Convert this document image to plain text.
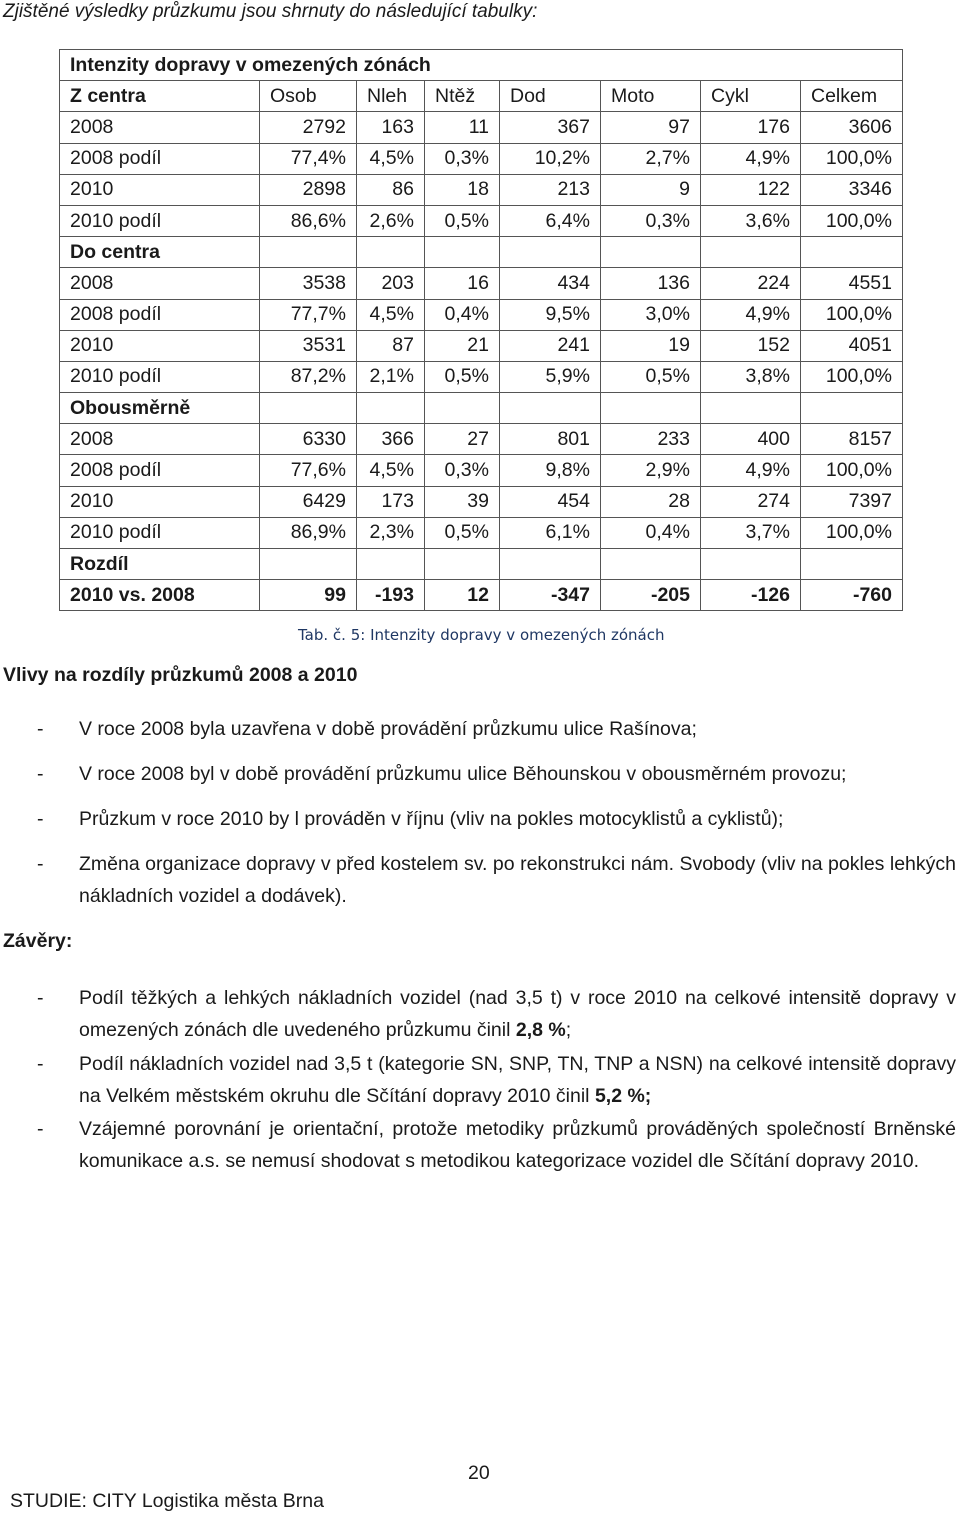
Zjištěné výsledky průzkumu jsou shrnuty do následující tabulky:
Intenzity dopravy v omezených zónách							
Z centra	Osob	Nleh	Ntěž	Dod	Moto	Cykl	Celkem
2008	2792	163	11	367	97	176	3606
2008 podíl	77,4%	4,5%	0,3%	10,2%	2,7%	4,9%	100,0%
2010	2898	86	18	213	9	122	3346
2010 podíl	86,6%	2,6%	0,5%	6,4%	0,3%	3,6%	100,0%
Do centra							
2008	3538	203	16	434	136	224	4551
2008 podíl	77,7%	4,5%	0,4%	9,5%	3,0%	4,9%	100,0%
2010	3531	87	21	241	19	152	4051
2010 podíl	87,2%	2,1%	0,5%	5,9%	0,5%	3,8%	100,0%
Obousměrně							
2008	6330	366	27	801	233	400	8157
2008 podíl	77,6%	4,5%	0,3%	9,8%	2,9%	4,9%	100,0%
2010	6429	173	39	454	28	274	7397
2010 podíl	86,9%	2,3%	0,5%	6,1%	0,4%	3,7%	100,0%
Rozdíl							
2010 vs. 2008	99	-193	12	-347	-205	-126	-760
Tab. č. 5: Intenzity dopravy v omezených zónách
Vlivy na rozdíly průzkumů 2008 a 2010
- V roce 2008 byla uzavřena v době provádění průzkumu ulice Rašínova;
- V roce 2008 byl v době provádění průzkumu ulice Běhounskou v obousměrném provozu;
- Průzkum v roce 2010 by l prováděn v říjnu (vliv na pokles motocyklistů a cyklistů);
- Změna organizace dopravy v před kostelem sv. po rekonstrukci nám. Svobody (vliv na pokles lehkých nákladních vozidel a dodávek).
Závěry:
- Podíl těžkých a lehkých nákladních vozidel (nad 3,5 t) v roce 2010 na celkové intensitě dopravy v omezených zónách dle uvedeného průzkumu činil 2,8 %;
- Podíl nákladních vozidel nad 3,5 t (kategorie SN, SNP, TN, TNP a NSN) na celkové intensitě dopravy na Velkém městském okruhu dle Sčítání dopravy 2010 činil 5,2 %;
- Vzájemné porovnání je orientační, protože metodiky průzkumů prováděných společností Brněnské komunikace a.s. se nemusí shodovat s metodikou kategorizace vozidel dle Sčítání dopravy 2010.
20
STUDIE: CITY Logistika města Brna
